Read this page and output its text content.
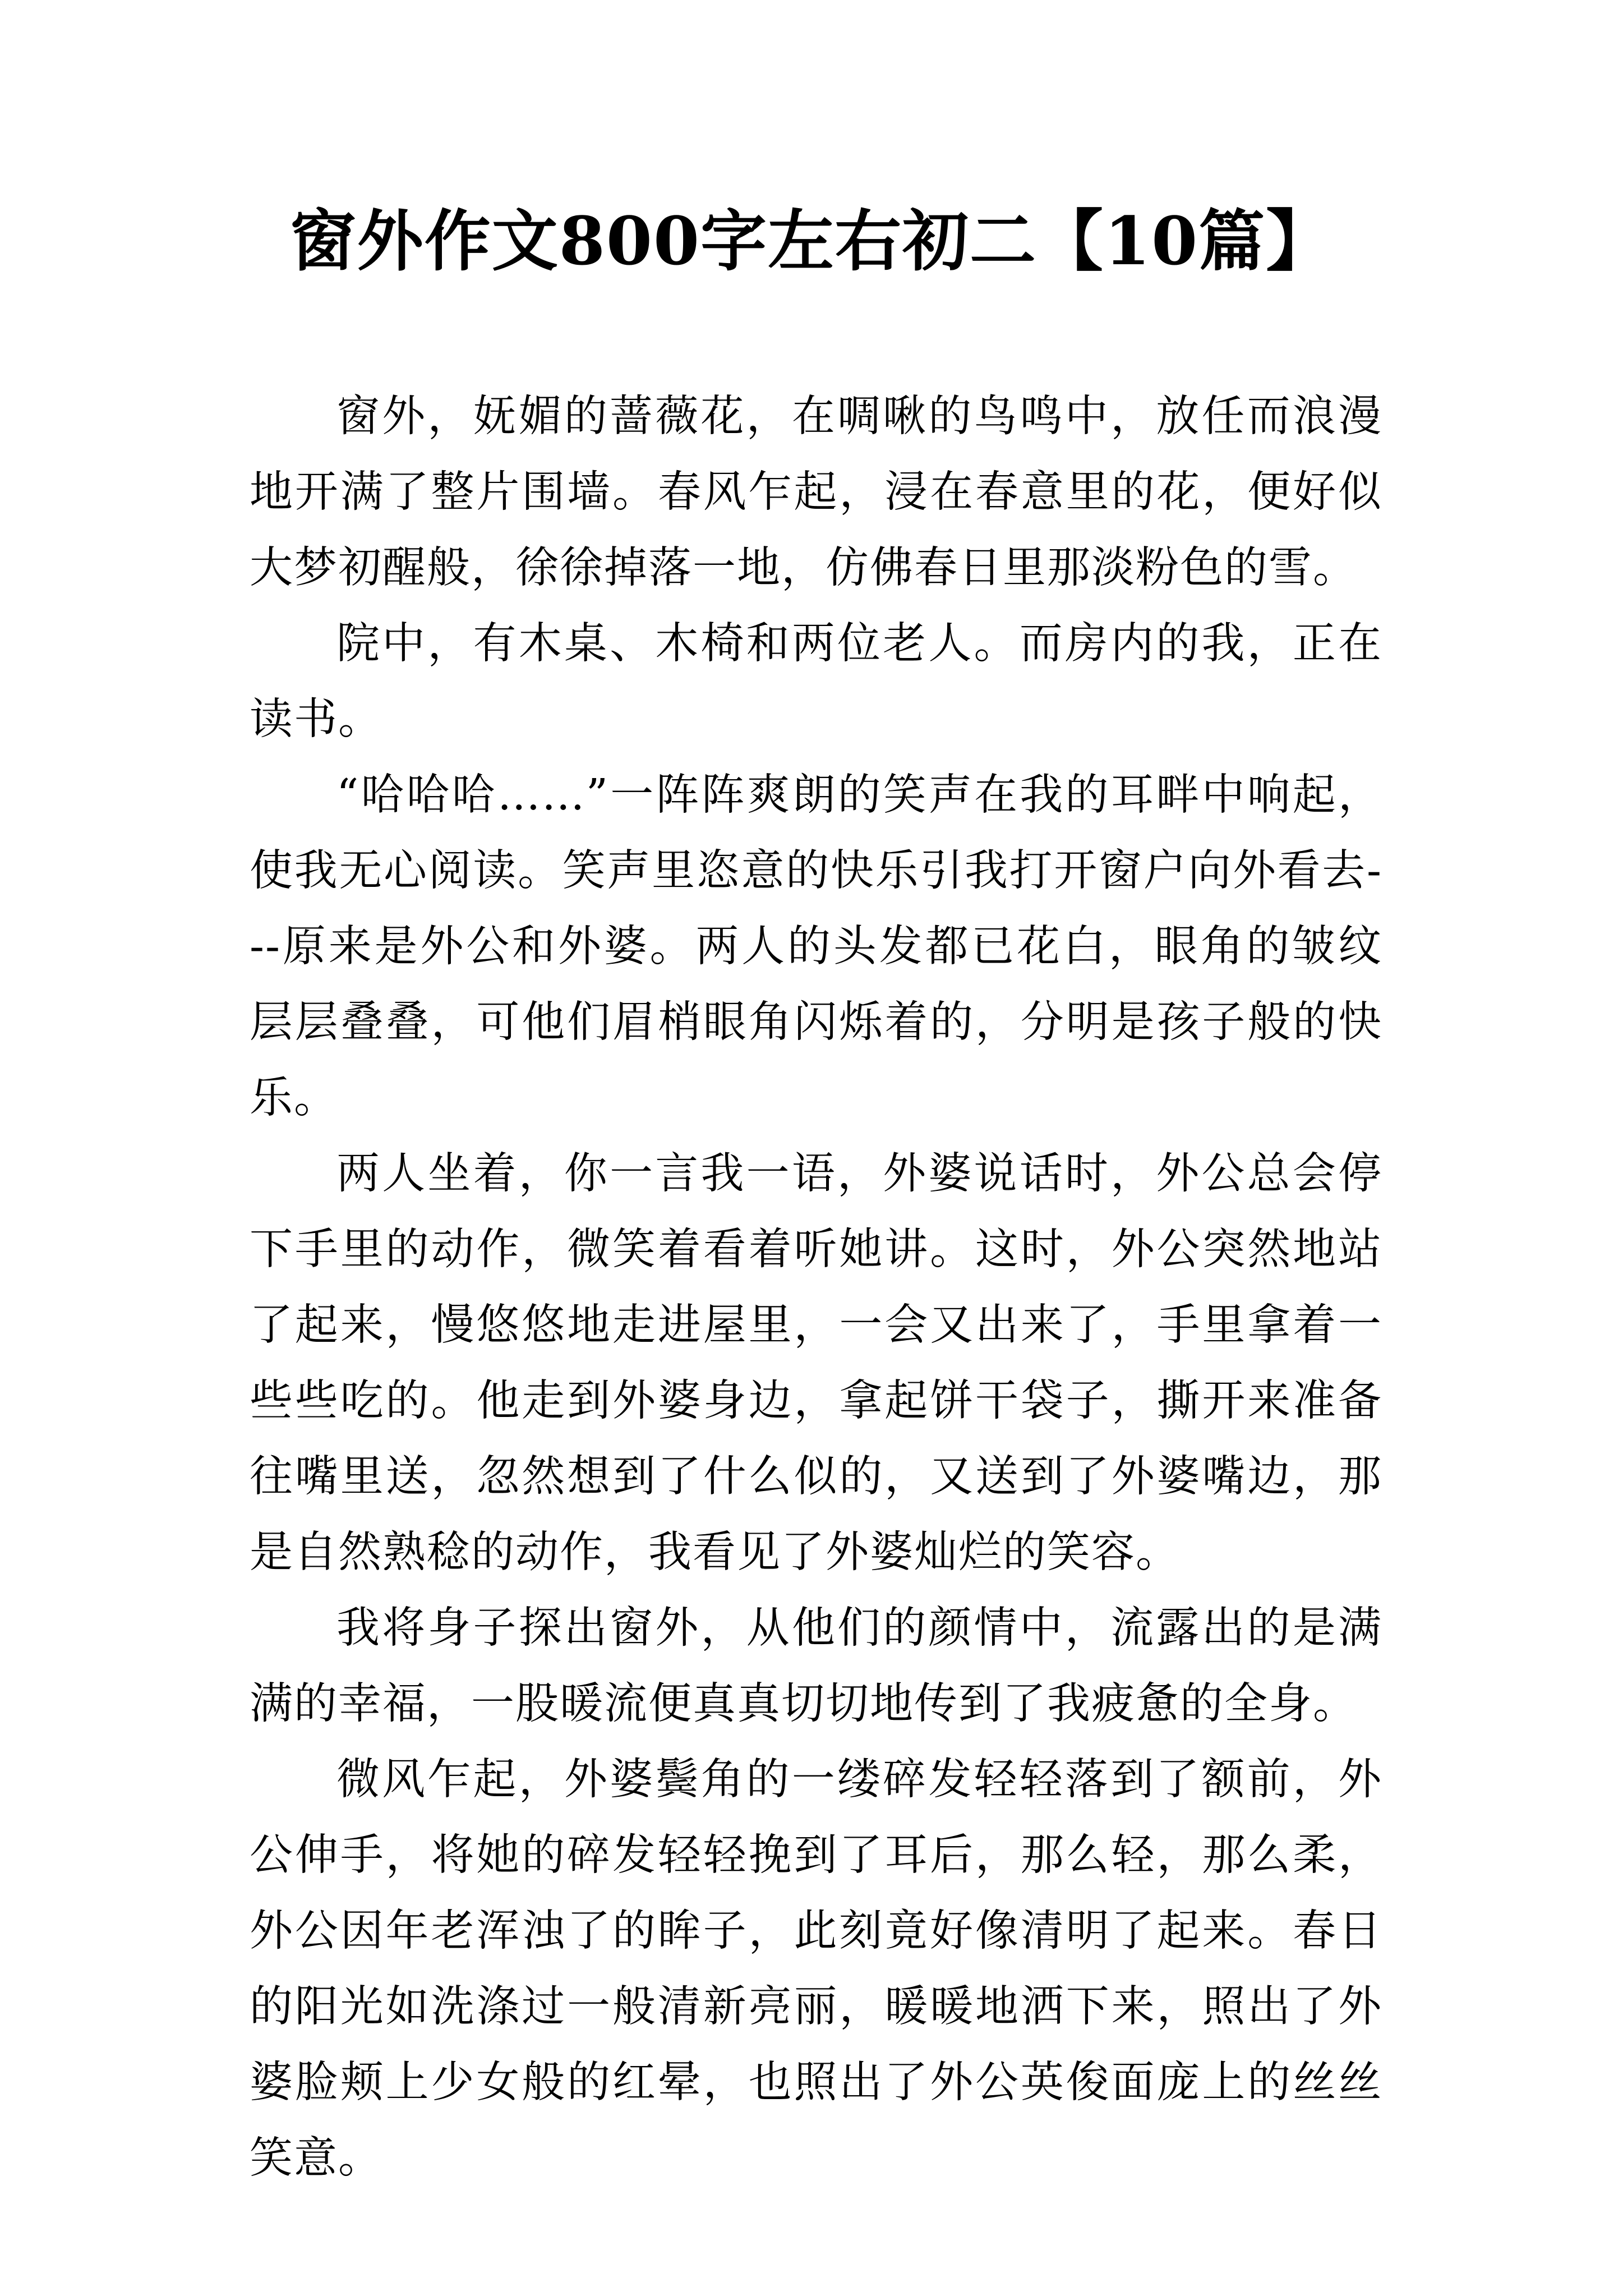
窗外作文800字左右初二【10篇】

窗外，妩媚的蔷薇花，在啁啾的鸟鸣中，放任而浪漫地开满了整片围墙。春风乍起，浸在春意里的花，便好似大梦初醒般，徐徐掉落一地，仿佛春日里那淡粉色的雪。

院中，有木桌、木椅和两位老人。而房内的我，正在读书。

“哈哈哈……”一阵阵爽朗的笑声在我的耳畔中响起，使我无心阅读。笑声里恣意的快乐引我打开窗户向外看去---原来是外公和外婆。两人的头发都已花白，眼角的皱纹层层叠叠，可他们眉梢眼角闪烁着的，分明是孩子般的快乐。

两人坐着，你一言我一语，外婆说话时，外公总会停下手里的动作，微笑着看着听她讲。这时，外公突然地站了起来，慢悠悠地走进屋里，一会又出来了，手里拿着一些些吃的。他走到外婆身边，拿起饼干袋子，撕开来准备往嘴里送，忽然想到了什么似的，又送到了外婆嘴边，那是自然熟稔的动作，我看见了外婆灿烂的笑容。

我将身子探出窗外，从他们的颜情中，流露出的是满满的幸福，一股暖流便真真切切地传到了我疲惫的全身。

微风乍起，外婆鬓角的一缕碎发轻轻落到了额前，外公伸手，将她的碎发轻轻挽到了耳后，那么轻，那么柔，外公因年老浑浊了的眸子，此刻竟好像清明了起来。春日的阳光如洗涤过一般清新亮丽，暖暖地洒下来，照出了外婆脸颊上少女般的红晕，也照出了外公英俊面庞上的丝丝笑意。
